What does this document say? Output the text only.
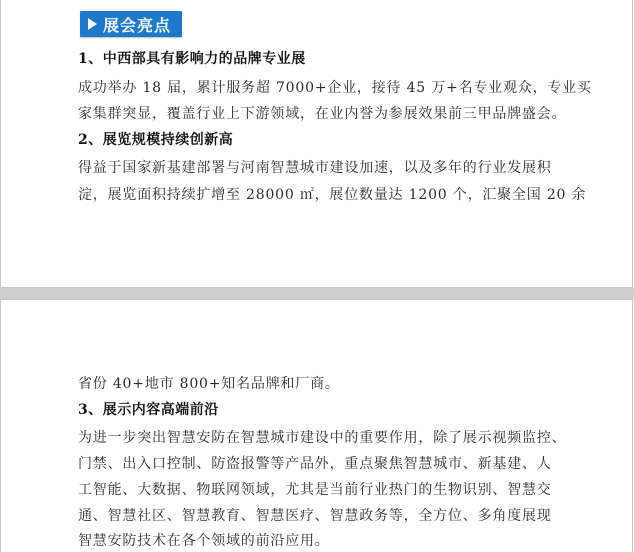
展会亮点
1、中西部具有影响力的品牌专业展
成功举办 18 届，累计服务超 7000+企业，接待 45 万+名专业观众，专业买
家集群突显，覆盖行业上下游领域，在业内誉为参展效果前三甲品牌盛会。
2、展览规模持续创新高
得益于国家新基建部署与河南智慧城市建设加速，以及多年的行业发展积
淀，展览面积持续扩增至 28000 ㎡，展位数量达 1200 个，汇聚全国 20 余
省份 40+地市 800+知名品牌和厂商。
3、展示内容高端前沿
为进一步突出智慧安防在智慧城市建设中的重要作用，除了展示视频监控、
门禁、出入口控制、防盗报警等产品外，重点聚焦智慧城市、新基建、人
工智能、大数据、物联网领域，尤其是当前行业热门的生物识别、智慧交
通、智慧社区、智慧教育、智慧医疗、智慧政务等，全方位、多角度展现
智慧安防技术在各个领域的前沿应用。
